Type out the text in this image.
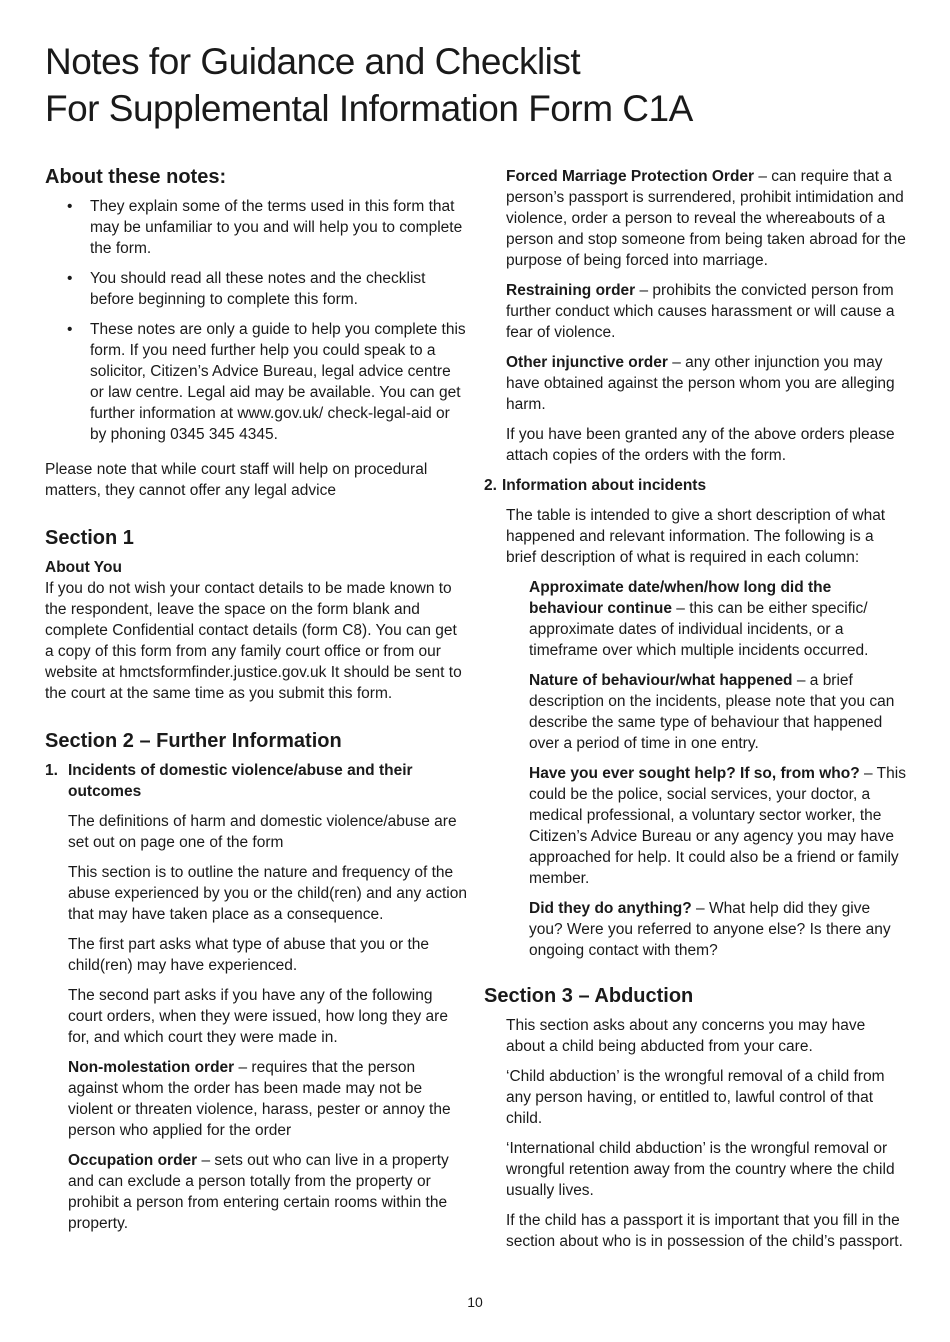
Notes for Guidance and Checklist
For Supplemental Information Form C1A
About these notes:
• They explain some of the terms used in this form that may be unfamiliar to you and will help you to complete the form.
• You should read all these notes and the checklist before beginning to complete this form.
• These notes are only a guide to help you complete this form. If you need further help you could speak to a solicitor, Citizen’s Advice Bureau, legal advice centre or law centre. Legal aid may be available. You can get further information at www.gov.uk/ check-legal-aid or by phoning 0345 345 4345.

Please note that while court staff will help on procedural matters, they cannot offer any legal advice

Section 1

About You

If you do not wish your contact details to be made known to the respondent, leave the space on the form blank and complete Confidential contact details (form C8). You can get a copy of this form from any family court office or from our website at hmctsformfinder.justice.gov.uk It should be sent to the court at the same time as you submit this form.

Section 2 – Further Information

1. Incidents of domestic violence/abuse and their outcomes

The definitions of harm and domestic violence/abuse are set out on page one of the form

This section is to outline the nature and frequency of the abuse experienced by you or the child(ren) and any action that may have taken place as a consequence.

The first part asks what type of abuse that you or the child(ren) may have experienced.

The second part asks if you have any of the following court orders, when they were issued, how long they are for, and which court they were made in.

Non-molestation order – requires that the person against whom the order has been made may not be violent or threaten violence, harass, pester or annoy the person who applied for the order

Occupation order – sets out who can live in a property and can exclude a person totally from the property or prohibit a person from entering certain rooms within the property.

Forced Marriage Protection Order – can require that a person’s passport is surrendered, prohibit intimidation and violence, order a person to reveal the whereabouts of a person and stop someone from being taken abroad for the purpose of being forced into marriage.

Restraining order – prohibits the convicted person from further conduct which causes harassment or will cause a fear of violence.

Other injunctive order – any other injunction you may have obtained against the person whom you are alleging harm.

If you have been granted any of the above orders please attach copies of the orders with the form.

2. Information about incidents

The table is intended to give a short description of what happened and relevant information. The following is a brief description of what is required in each column:

Approximate date/when/how long did the behaviour continue – this can be either specific/ approximate dates of individual incidents, or a timeframe over which multiple incidents occurred.

Nature of behaviour/what happened – a brief description on the incidents, please note that you can describe the same type of behaviour that happened over a period of time in one entry.

Have you ever sought help? If so, from who? – This could be the police, social services, your doctor, a medical professional, a voluntary sector worker, the Citizen’s Advice Bureau or any agency you may have approached for help. It could also be a friend or family member.

Did they do anything? – What help did they give you? Were you referred to anyone else? Is there any ongoing contact with them?

Section 3 – Abduction

This section asks about any concerns you may have about a child being abducted from your care.

‘Child abduction’ is the wrongful removal of a child from any person having, or entitled to, lawful control of that child.

‘International child abduction’ is the wrongful removal or wrongful retention away from the country where the child usually lives.

If the child has a passport it is important that you fill in the section about who is in possession of the child’s passport.

10
